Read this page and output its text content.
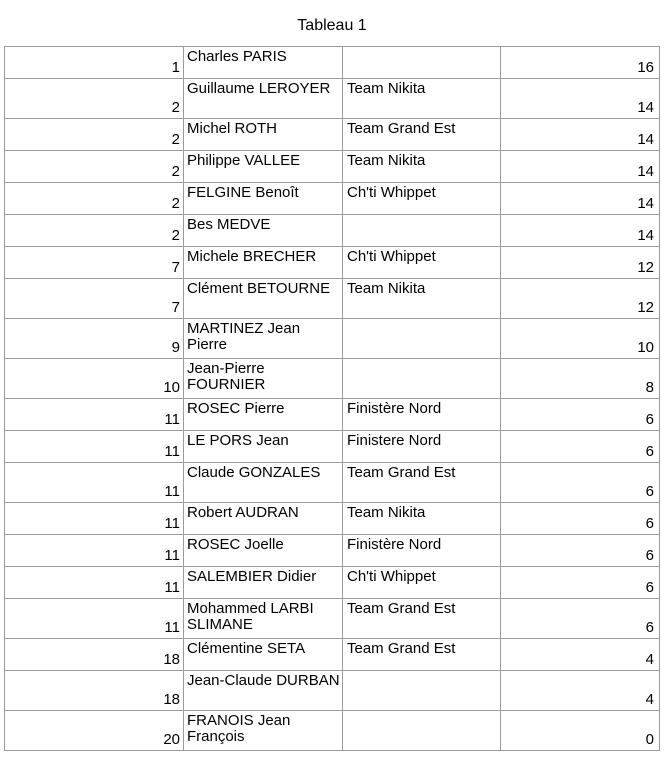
Tableau 1
1	Charles PARIS		16
2	Guillaume LEROYER	Team Nikita	14
2	Michel ROTH	Team Grand Est	14
2	Philippe VALLEE	Team Nikita	14
2	FELGINE Benoît	Ch'ti Whippet	14
2	Bes MEDVE		14
7	Michele BRECHER	Ch'ti Whippet	12
7	Clément BETOURNE	Team Nikita	12
9	MARTINEZ Jean Pierre		10
10	Jean-Pierre FOURNIER		8
11	ROSEC Pierre	Finistère Nord	6
11	LE PORS Jean	Finistere Nord	6
11	Claude GONZALES	Team Grand Est	6
11	Robert AUDRAN	Team Nikita	6
11	ROSEC Joelle	Finistère Nord	6
11	SALEMBIER Didier	Ch'ti Whippet	6
11	Mohammed LARBI SLIMANE	Team Grand Est	6
18	Clémentine SETA	Team Grand Est	4
18	Jean-Claude DURBAN		4
20	FRANOIS Jean François		0
